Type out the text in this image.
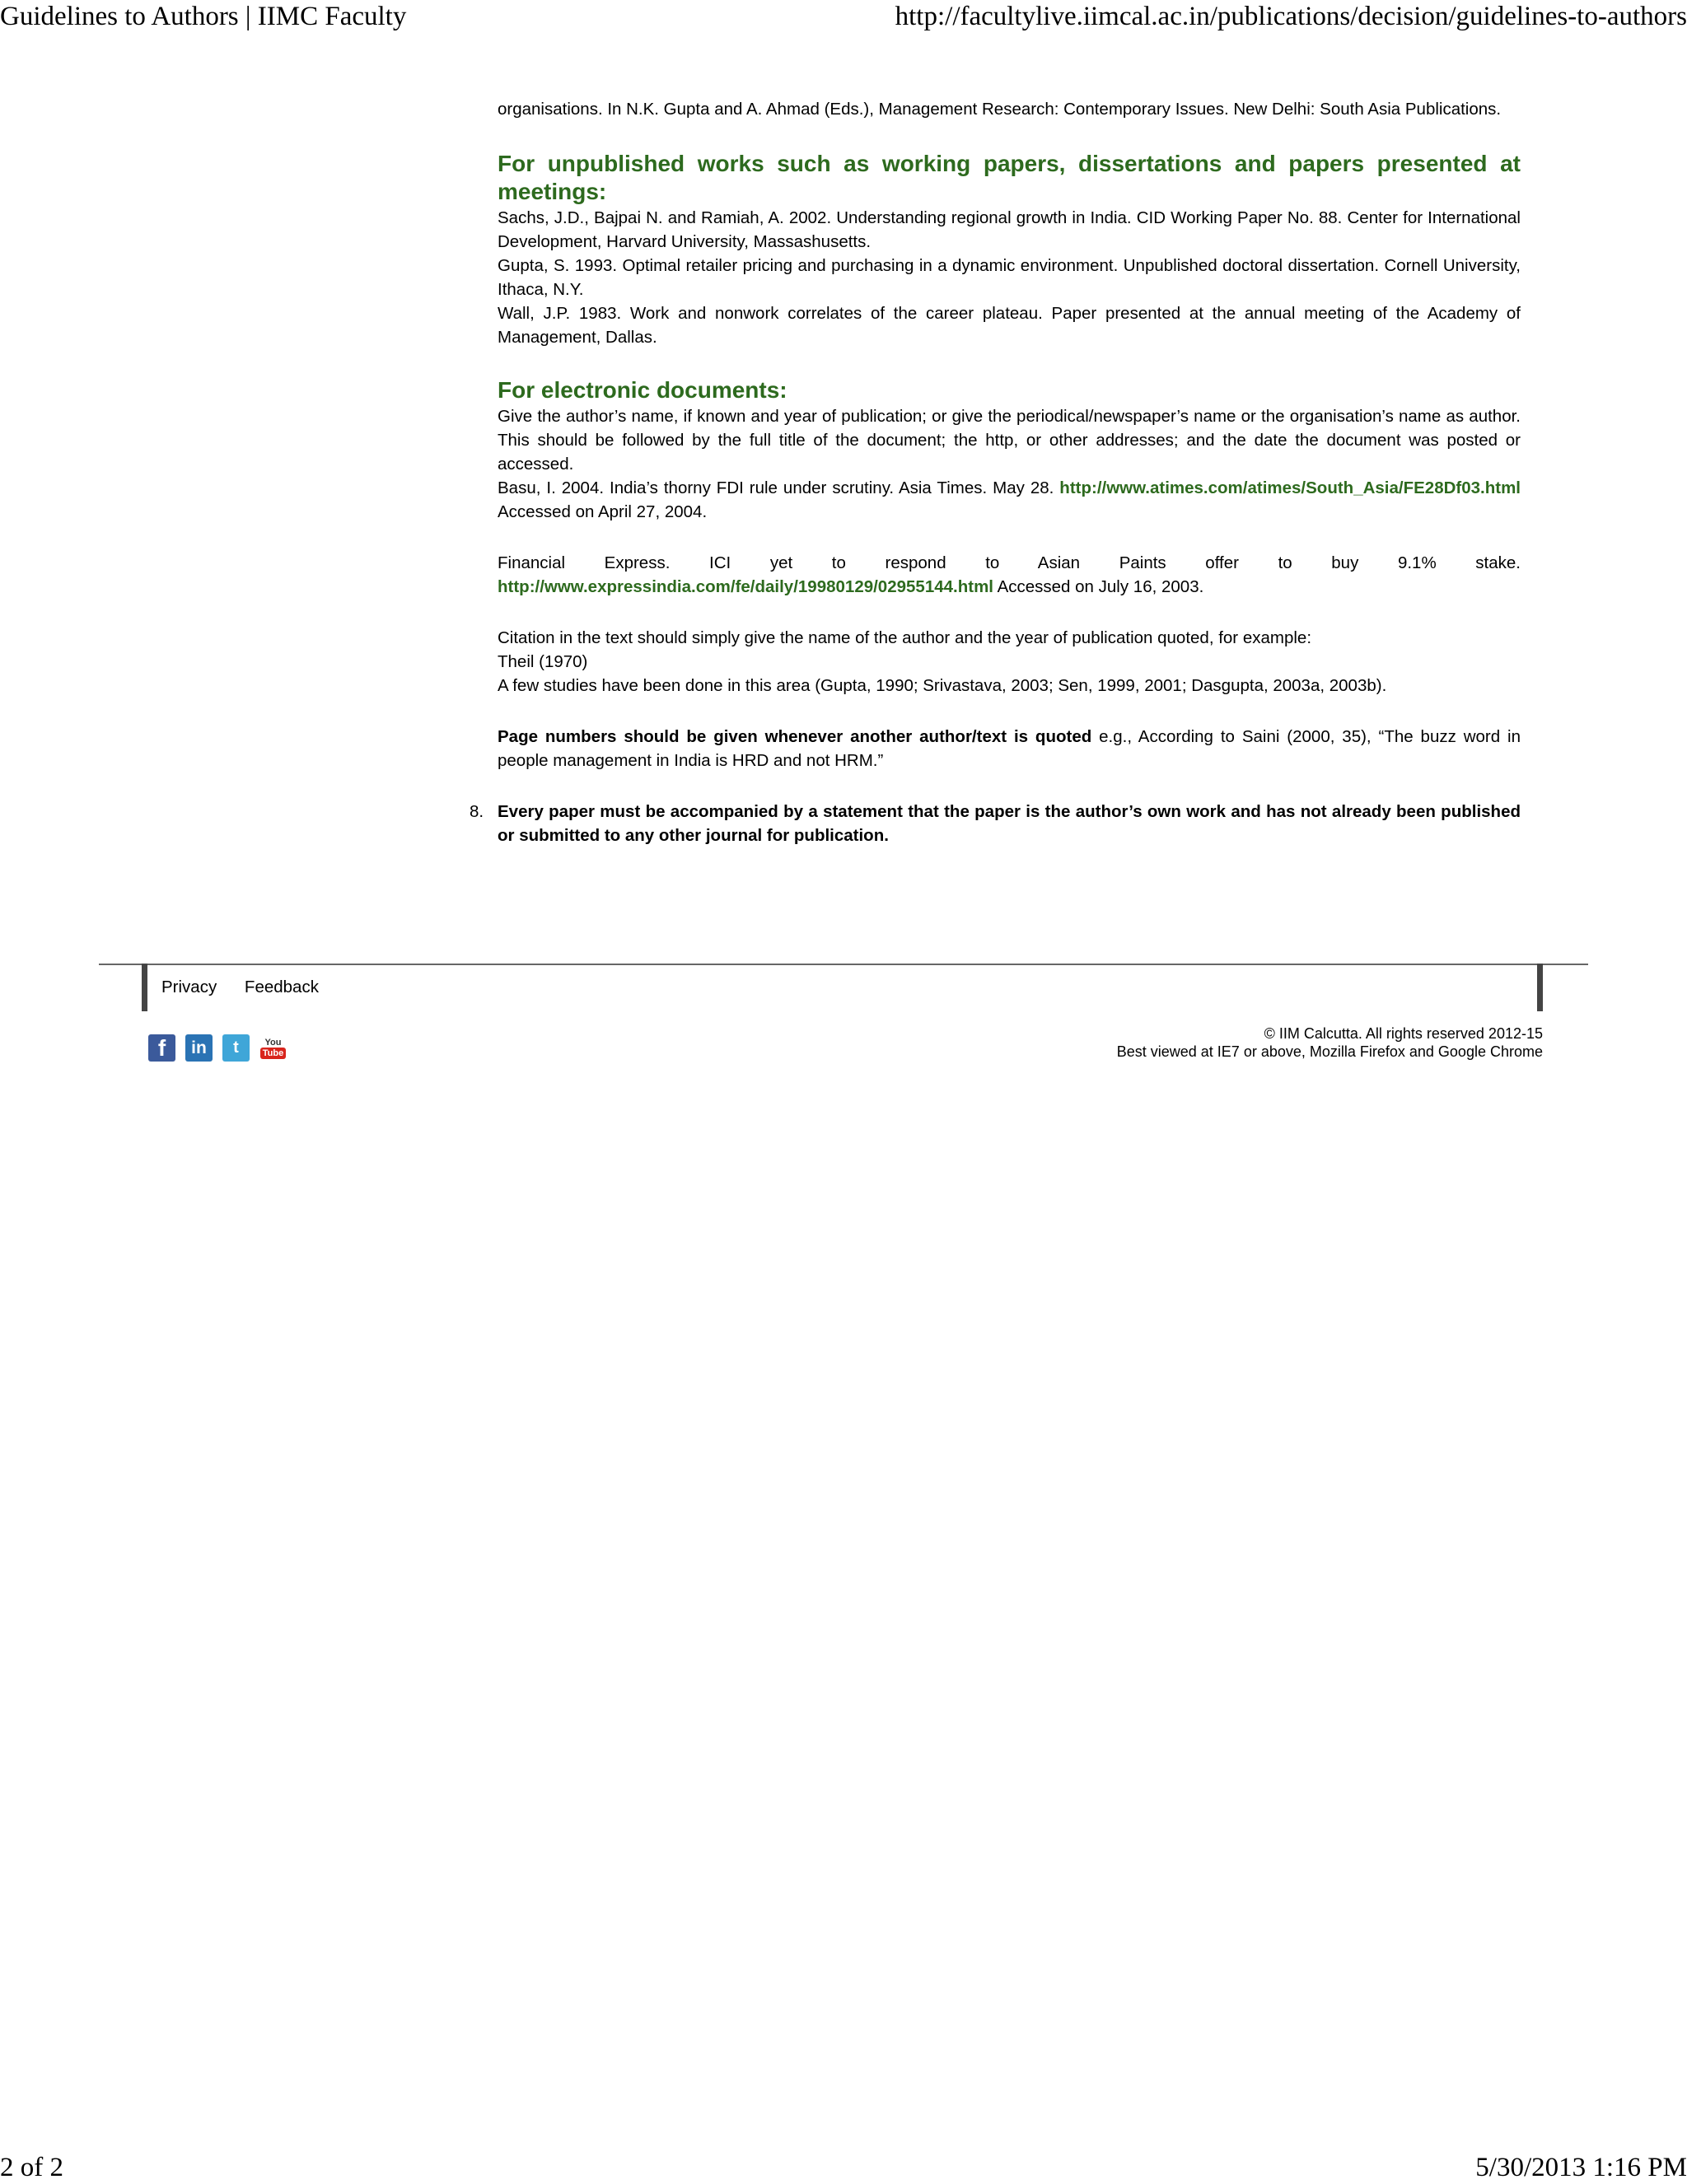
Guidelines to Authors | IIMC Faculty	http://facultylive.iimcal.ac.in/publications/decision/guidelines-to-authors

organisations. In N.K. Gupta and A. Ahmad (Eds.), Management Research: Contemporary Issues. New Delhi: South Asia Publications.

For unpublished works such as working papers, dissertations and papers presented at meetings:

Sachs, J.D., Bajpai N. and Ramiah, A. 2002. Understanding regional growth in India. CID Working Paper No. 88. Center for International Development, Harvard University, Massashusetts.

Gupta, S. 1993. Optimal retailer pricing and purchasing in a dynamic environment. Unpublished doctoral dissertation. Cornell University, Ithaca, N.Y.

Wall, J.P. 1983. Work and nonwork correlates of the career plateau. Paper presented at the annual meeting of the Academy of Management, Dallas.

For electronic documents:

Give the author’s name, if known and year of publication; or give the periodical/newspaper’s name or the organisation’s name as author. This should be followed by the full title of the document; the http, or other addresses; and the date the document was posted or accessed.

Basu, I. 2004. India’s thorny FDI rule under scrutiny. Asia Times. May 28. http://www.atimes.com/atimes/South_Asia/FE28Df03.html Accessed on April 27, 2004.

Financial Express. ICI yet to respond to Asian Paints offer to buy 9.1% stake. http://www.expressindia.com/fe/daily/19980129/02955144.html Accessed on July 16, 2003.

Citation in the text should simply give the name of the author and the year of publication quoted, for example:

Theil (1970)

A few studies have been done in this area (Gupta, 1990; Srivastava, 2003; Sen, 1999, 2001; Dasgupta, 2003a, 2003b).

Page numbers should be given whenever another author/text is quoted e.g., According to Saini (2000, 35), “The buzz word in people management in India is HRD and not HRM.”

8. Every paper must be accompanied by a statement that the paper is the author’s own work and has not already been published or submitted to any other journal for publication.

Privacy Feedback
f in t	You
Tube
© IIM Calcutta. All rights reserved 2012-15
Best viewed at IE7 or above, Mozilla Firefox and Google Chrome
2 of 2	5/30/2013 1:16 PM
